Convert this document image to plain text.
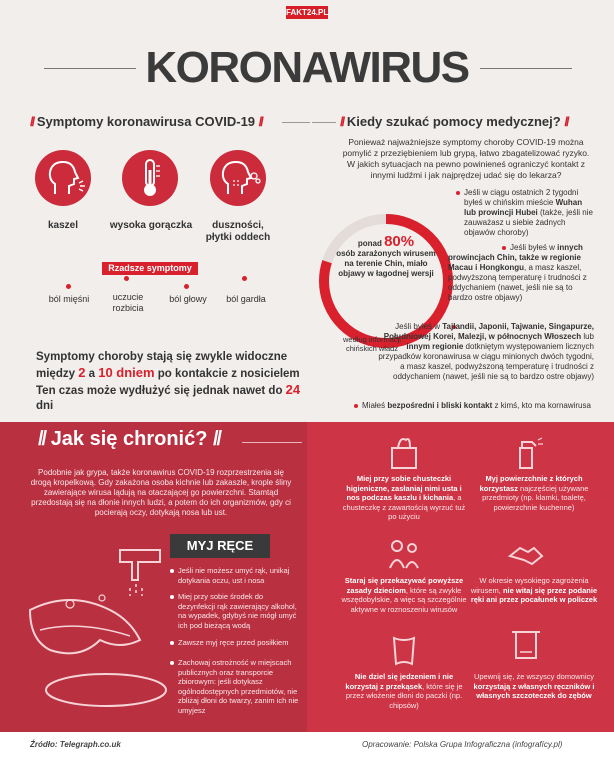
FAKT24.PL
KORONAWIRUS
// Symptomy koronawirusa COVID-19 //
kaszel	wysoka gorączka	duszności, płytki oddech
Rzadsze symptomy
ból mięśni	uczucie rozbicia
ból głowy	ból gardła
Symptomy choroby stają się zwykle widoczne między 2 a 10 dniem po kontakcie z nosicielem Ten czas może wydłużyć się jednak nawet do 24 dni
// Kiedy szukać pomocy medycznej? //
Ponieważ najważniejsze symptomy choroby COVID-19 można pomylić z przeziębieniem lub grypą, łatwo zbagatelizować ryzyko. W jakich sytuacjach na pewno powinieneś ograniczyć kontakt z innymi ludźmi i jak najprędzej udać się do lekarza?
ponad 80%
osób zarażonych wirusem na terenie Chin, miało objawy w łagodnej wersji
według informacji chińskich władz
Jeśli w ciągu ostatnich 2 tygodni byłeś w chińskim mieście Wuhan lub prowincji Hubei (także, jeśli nie zauważasz u siebie żadnych objawów choroby)
Jeśli byłeś w innych prowincjach Chin, także w regionie Macau i Hongkongu, a masz kaszel, podwyższoną temperaturę i trudności z oddychaniem (nawet, jeśli nie są to bardzo ostre objawy)
Jeśli byłeś w Tajlandii, Japonii, Tajwanie, Singapurze, Południowej Korei, Malezji, w północnych Włoszech lub innym regionie dotkniętym występowaniem licznych przypadków koronawirusa w ciągu minionych dwóch tygodni, a masz kaszel, podwyższoną temperaturę i trudności z oddychaniem (nawet, jeśli nie są to bardzo ostre objawy)
Miałeś bezpośredni i bliski kontakt z kimś, kto ma kornawirusa
// Jak się chronić? //
Podobnie jak grypa, także koronawirus COVID-19 rozprzestrzenia się drogą kropelkową. Gdy zakażona osoba kichnie lub zakaszle, krople śliny zawierające wirusa lądują na otaczającej go powierzchni. Stamtąd przedostają się na dłonie innych ludzi, a potem do ich organizmów, gdy ci pocierają oczy, dotykają nosa lub ust.
MYJ RĘCE
Jeśli nie możesz umyć rąk, unikaj dotykania oczu, ust i nosa
Miej przy sobie środek do dezynfekcji rąk zawierający alkohol, na wypadek, gdybyś nie mógł umyć ich pod bieżącą wodą
Zawsze myj ręce przed posiłkiem
Zachowaj ostrożność w miejscach publicznych oraz transporcie zbiorowym: jeśli dotykasz ogólnodostępnych przedmiotów, nie zbliżaj dłoni do twarzy, zanim ich nie umyjesz
Miej przy sobie chusteczki higieniczne, zasłaniaj nimi usta i nos podczas kaszlu i kichania, a chusteczkę z zawartością wyrzuć tuż po użyciu
Myj powierzchnie z których korzystasz najczęściej używane przedmioty (np. klamki, toaletę, powierzchnie kuchenne)
Staraj się przekazywać powyższe zasady dzieciom, które są zwykle wszędobylskie, a więc są szczególnie aktywne w roznoszeniu wirusów
W okresie wysokiego zagrożenia wirusem, nie witaj się przez podanie ręki ani przez pocałunek w policzek
Nie dziel się jedzeniem i nie korzystaj z przekąsek, które się je przez włożenie dłoni do paczki (np. chipsów)
Upewnij się, że wszyscy domownicy korzystają z własnych ręczników i własnych szczoteczek do zębów
Źródło: Telegraph.co.uk	Opracowanie: Polska Grupa Infograficzna (infografícy.pl)
